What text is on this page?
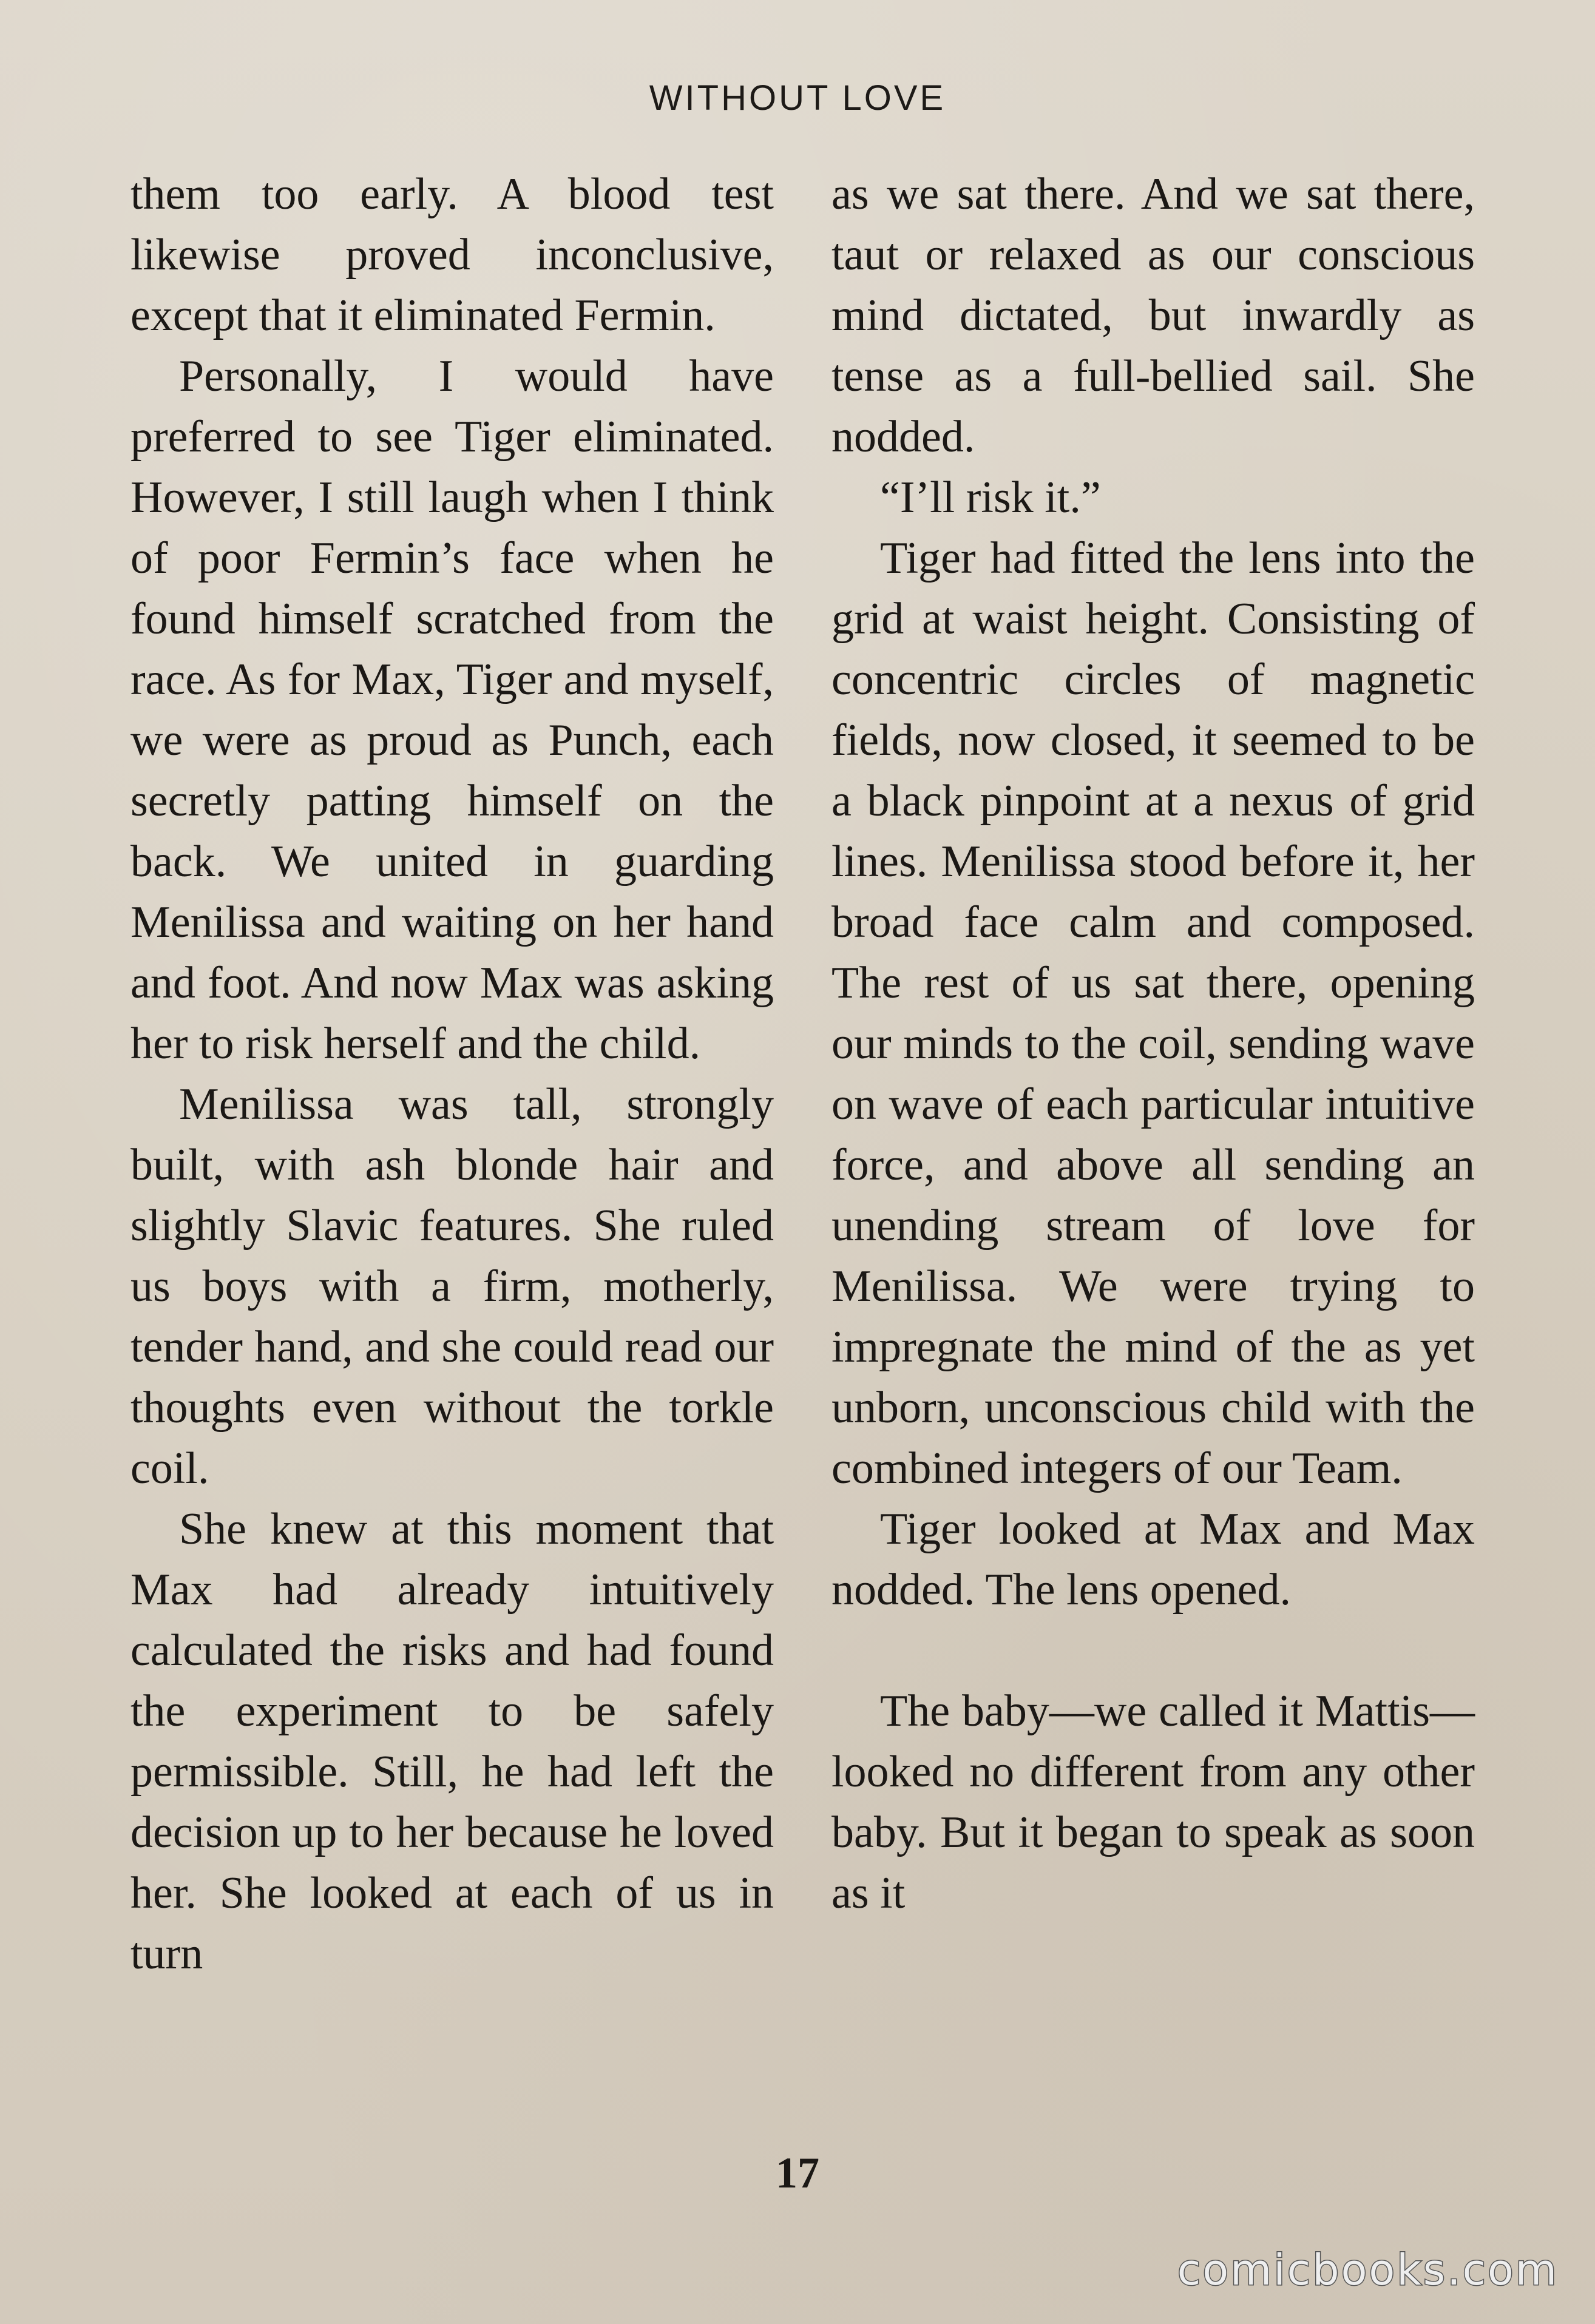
WITHOUT LOVE

them too early. A blood test likewise proved inconclusive, except that it eliminated Fermin.

Personally, I would have preferred to see Tiger eliminated. However, I still laugh when I think of poor Fermin’s face when he found himself scratched from the race. As for Max, Tiger and myself, we were as proud as Punch, each secretly patting himself on the back. We united in guarding Menilissa and waiting on her hand and foot. And now Max was asking her to risk herself and the child.

Menilissa was tall, strongly built, with ash blonde hair and slightly Slavic features. She ruled us boys with a firm, motherly, tender hand, and she could read our thoughts even without the torkle coil.

She knew at this moment that Max had already intuitively calculated the risks and had found the experiment to be safely permissible. Still, he had left the decision up to her because he loved her. She looked at each of us in turn

as we sat there. And we sat there, taut or relaxed as our conscious mind dictated, but inwardly as tense as a full-bellied sail. She nodded.

“I’ll risk it.”

Tiger had fitted the lens into the grid at waist height. Consisting of concentric circles of magnetic fields, now closed, it seemed to be a black pinpoint at a nexus of grid lines. Menilissa stood before it, her broad face calm and composed. The rest of us sat there, opening our minds to the coil, sending wave on wave of each particular intuitive force, and above all sending an unending stream of love for Menilissa. We were trying to impregnate the mind of the as yet unborn, unconscious child with the combined integers of our Team.

Tiger looked at Max and Max nodded. The lens opened.

The baby—we called it Mattis—looked no different from any other baby. But it began to speak as soon as it

17
comicbooks.com
